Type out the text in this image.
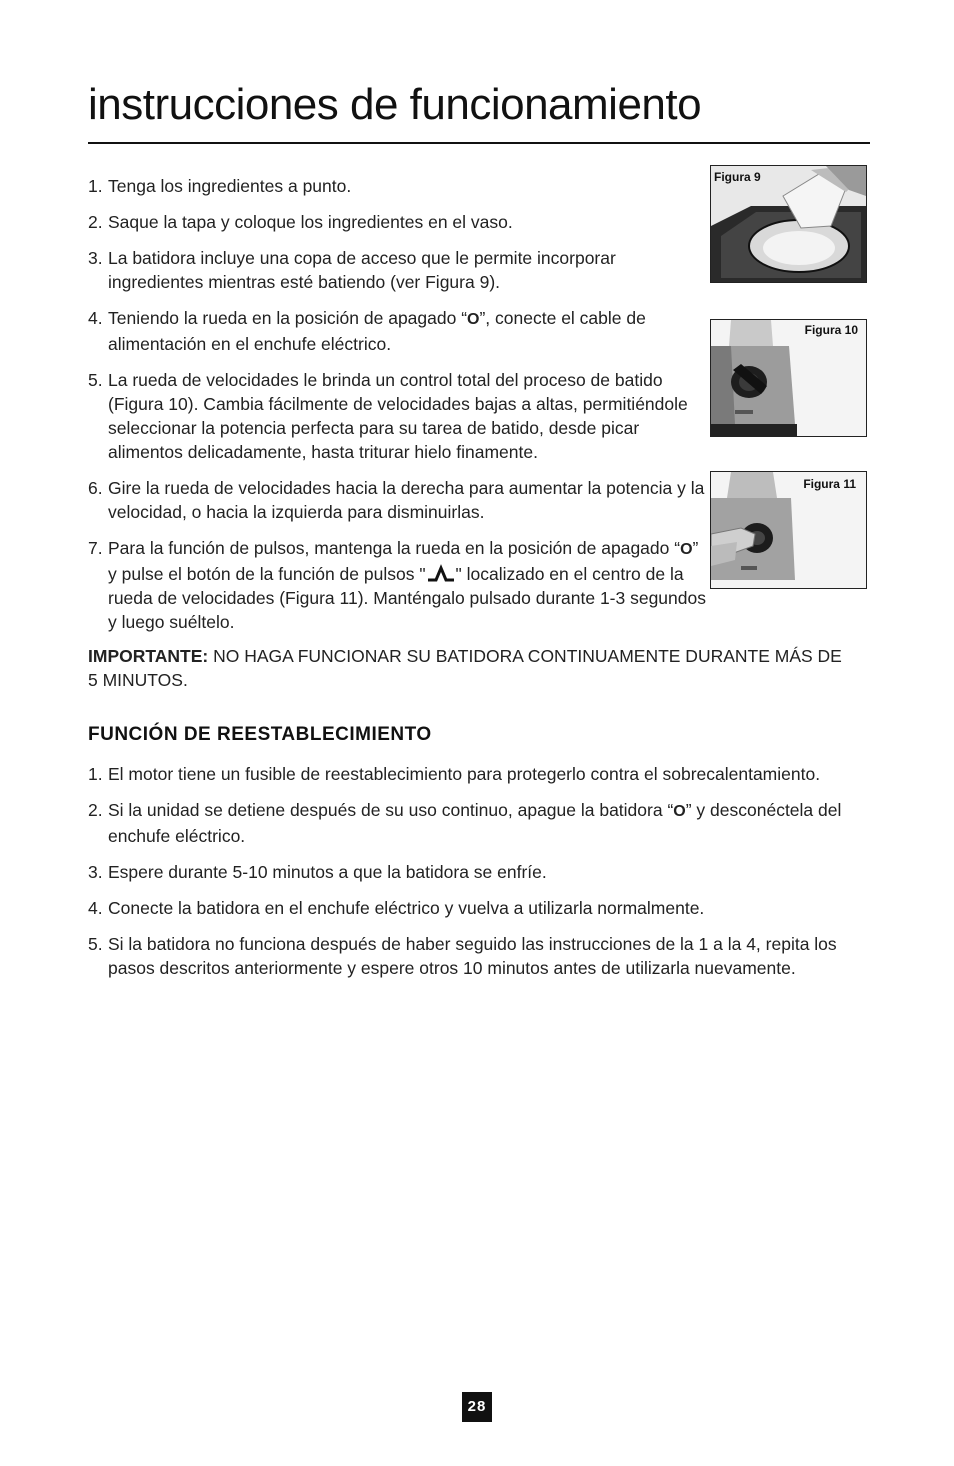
instrucciones de funcionamiento
1. Tenga los ingredientes a punto.
2. Saque la tapa y coloque los ingredientes en el vaso.
3. La batidora incluye una copa de acceso que le permite incorporar ingredientes mientras esté batiendo (ver Figura 9).
4. Teniendo la rueda en la posición de apagado “O”, conecte el cable de alimentación en el enchufe eléctrico.
5. La rueda de velocidades le brinda un control total del proceso de batido (Figura 10). Cambia fácilmente de velocidades bajas a altas, permitiéndole seleccionar la potencia perfecta para su tarea de batido, desde picar alimentos delicadamente, hasta triturar hielo finamente.
6. Gire la rueda de velocidades hacia la derecha para aumentar la potencia y la velocidad, o hacia la izquierda para disminuirlas.
7. Para la función de pulsos, mantenga la rueda en la posición de apagado “O” y pulse el botón de la función de pulsos " " localizado en el centro de la rueda de velocidades (Figura 11). Manténgalo pulsado durante 1-3 segundos y luego suéltelo.

IMPORTANTE: NO HAGA FUNCIONAR SU BATIDORA CONTINUAMENTE DURANTE MÁS DE 5 MINUTOS.

FUNCIÓN DE REESTABLECIMIENTO
1. El motor tiene un fusible de reestablecimiento para protegerlo contra el sobrecalentamiento.
2. Si la unidad se detiene después de su uso continuo, apague la batidora “O” y desconéctela del enchufe eléctrico.
3. Espere durante 5-10 minutos a que la batidora se enfríe.
4. Conecte la batidora en el enchufe eléctrico y vuelva a utilizarla normalmente.
5. Si la batidora no funciona después de haber seguido las instrucciones de la 1 a la 4, repita los pasos descritos anteriormente y espere otros 10 minutos antes de utilizarla nuevamente.
Figura 9
Figura 10
Figura 11
28
